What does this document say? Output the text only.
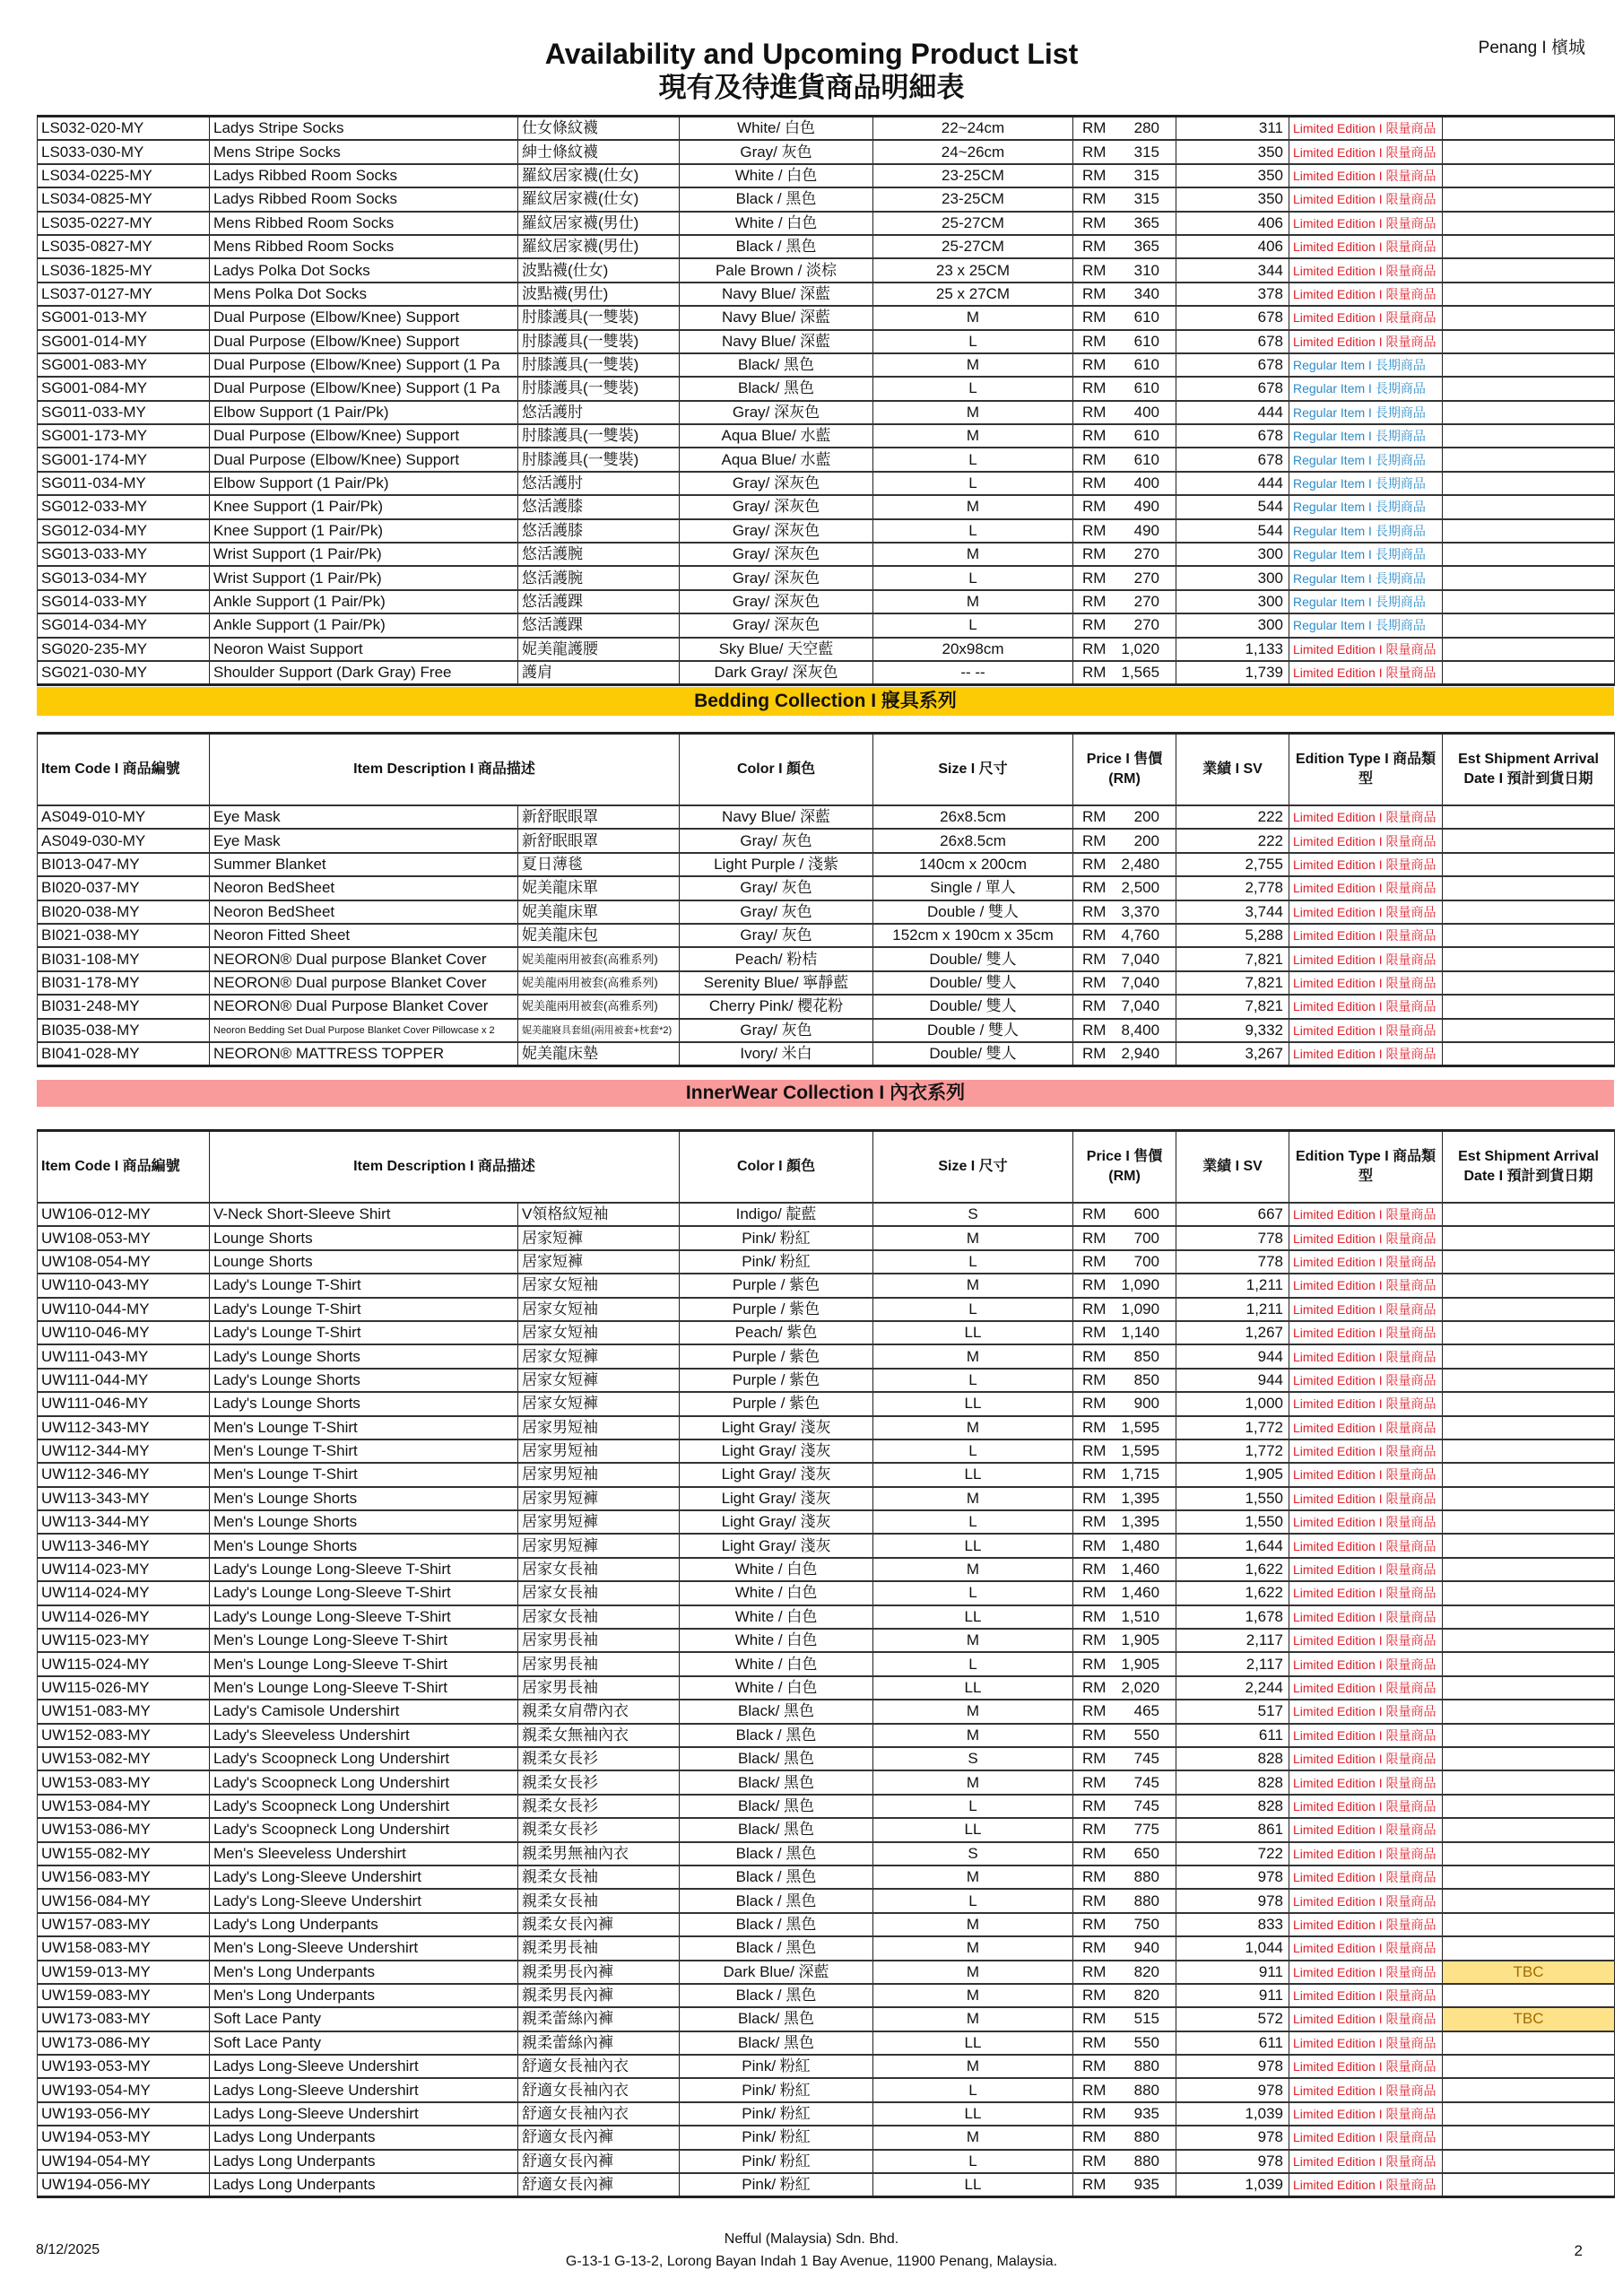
Availability and Upcoming Product List
現有及待進貨商品明細表
Penang I 檳城
LS032-020-MY	Ladys Stripe Socks	仕女條紋襪	White/ 白色	22~24cm	RM	280	311	Limited Edition I 限量商品	
LS033-030-MY	Mens Stripe Socks	紳士條紋襪	Gray/ 灰色	24~26cm	RM	315	350	Limited Edition I 限量商品	
LS034-0225-MY	Ladys Ribbed Room Socks	羅紋居家襪(仕女)	White / 白色	23-25CM	RM	315	350	Limited Edition I 限量商品	
LS034-0825-MY	Ladys Ribbed Room Socks	羅紋居家襪(仕女)	Black / 黑色	23-25CM	RM	315	350	Limited Edition I 限量商品	
LS035-0227-MY	Mens Ribbed Room Socks	羅紋居家襪(男仕)	White / 白色	25-27CM	RM	365	406	Limited Edition I 限量商品	
LS035-0827-MY	Mens Ribbed Room Socks	羅紋居家襪(男仕)	Black / 黑色	25-27CM	RM	365	406	Limited Edition I 限量商品	
LS036-1825-MY	Ladys Polka Dot Socks	波點襪(仕女)	Pale Brown / 淡棕	23 x 25CM	RM	310	344	Limited Edition I 限量商品	
LS037-0127-MY	Mens Polka Dot Socks	波點襪(男仕)	Navy Blue/ 深藍	25 x 27CM	RM	340	378	Limited Edition I 限量商品	
SG001-013-MY	Dual Purpose (Elbow/Knee) Support	肘膝護具(一雙裝)	Navy Blue/ 深藍	M	RM	610	678	Limited Edition I 限量商品	
SG001-014-MY	Dual Purpose (Elbow/Knee) Support	肘膝護具(一雙裝)	Navy Blue/ 深藍	L	RM	610	678	Limited Edition I 限量商品	
SG001-083-MY	Dual Purpose (Elbow/Knee) Support (1 Pa	肘膝護具(一雙裝)	Black/ 黑色	M	RM	610	678	Regular Item I 長期商品	
SG001-084-MY	Dual Purpose (Elbow/Knee) Support (1 Pa	肘膝護具(一雙裝)	Black/ 黑色	L	RM	610	678	Regular Item I 長期商品	
SG011-033-MY	Elbow Support (1 Pair/Pk)	悠活護肘	Gray/ 深灰色	M	RM	400	444	Regular Item I 長期商品	
SG001-173-MY	Dual Purpose (Elbow/Knee) Support	肘膝護具(一雙裝)	Aqua Blue/ 水藍	M	RM	610	678	Regular Item I 長期商品	
SG001-174-MY	Dual Purpose (Elbow/Knee) Support	肘膝護具(一雙裝)	Aqua Blue/ 水藍	L	RM	610	678	Regular Item I 長期商品	
SG011-034-MY	Elbow Support (1 Pair/Pk)	悠活護肘	Gray/ 深灰色	L	RM	400	444	Regular Item I 長期商品	
SG012-033-MY	Knee Support (1 Pair/Pk)	悠活護膝	Gray/ 深灰色	M	RM	490	544	Regular Item I 長期商品	
SG012-034-MY	Knee Support (1 Pair/Pk)	悠活護膝	Gray/ 深灰色	L	RM	490	544	Regular Item I 長期商品	
SG013-033-MY	Wrist Support (1 Pair/Pk)	悠活護腕	Gray/ 深灰色	M	RM	270	300	Regular Item I 長期商品	
SG013-034-MY	Wrist Support (1 Pair/Pk)	悠活護腕	Gray/ 深灰色	L	RM	270	300	Regular Item I 長期商品	
SG014-033-MY	Ankle Support (1 Pair/Pk)	悠活護踝	Gray/ 深灰色	M	RM	270	300	Regular Item I 長期商品	
SG014-034-MY	Ankle Support (1 Pair/Pk)	悠活護踝	Gray/ 深灰色	L	RM	270	300	Regular Item I 長期商品	
SG020-235-MY	Neoron Waist Support	妮美龍護腰	Sky Blue/ 天空藍	20x98cm	RM	1,020	1,133	Limited Edition I 限量商品	
SG021-030-MY	Shoulder Support (Dark Gray) Free	護肩	Dark Gray/ 深灰色	-- --	RM	1,565	1,739	Limited Edition I 限量商品	
Bedding Collection I 寢具系列
Item Code I 商品編號	Item Description I 商品描述		Color I 顏色	Size I 尺寸	Price I 售價 (RM)		業績 I SV	Edition Type I 商品類型	Est Shipment Arrival Date I 預計到貨日期
AS049-010-MY	Eye Mask	新舒眠眼罩	Navy Blue/ 深藍	26x8.5cm	RM	200	222	Limited Edition I 限量商品	
AS049-030-MY	Eye Mask	新舒眠眼罩	Gray/ 灰色	26x8.5cm	RM	200	222	Limited Edition I 限量商品	
BI013-047-MY	Summer Blanket	夏日薄毯	Light Purple / 淺紫	140cm x 200cm	RM	2,480	2,755	Limited Edition I 限量商品	
BI020-037-MY	Neoron BedSheet	妮美龍床單	Gray/ 灰色	Single / 單人	RM	2,500	2,778	Limited Edition I 限量商品	
BI020-038-MY	Neoron BedSheet	妮美龍床單	Gray/ 灰色	Double / 雙人	RM	3,370	3,744	Limited Edition I 限量商品	
BI021-038-MY	Neoron Fitted Sheet	妮美龍床包	Gray/ 灰色	152cm x 190cm x 35cm	RM	4,760	5,288	Limited Edition I 限量商品	
BI031-108-MY	NEORON® Dual purpose Blanket Cover	妮美龍兩用被套(高雅系列)	Peach/ 粉桔	Double/ 雙人	RM	7,040	7,821	Limited Edition I 限量商品	
BI031-178-MY	NEORON® Dual purpose Blanket Cover	妮美龍兩用被套(高雅系列)	Serenity Blue/ 寧靜藍	Double/ 雙人	RM	7,040	7,821	Limited Edition I 限量商品	
BI031-248-MY	NEORON® Dual Purpose Blanket Cover	妮美龍兩用被套(高雅系列)	Cherry Pink/ 櫻花粉	Double/ 雙人	RM	7,040	7,821	Limited Edition I 限量商品	
BI035-038-MY	Neoron Bedding Set Dual Purpose Blanket Cover Pillowcase x 2	妮美龍寢具套組(兩用被套+枕套*2)	Gray/ 灰色	Double / 雙人	RM	8,400	9,332	Limited Edition I 限量商品	
BI041-028-MY	NEORON® MATTRESS TOPPER	妮美龍床墊	Ivory/ 米白	Double/ 雙人	RM	2,940	3,267	Limited Edition I 限量商品	
InnerWear Collection I 內衣系列
Item Code I 商品編號	Item Description I 商品描述		Color I 顏色	Size I 尺寸	Price I 售價 (RM)		業績 I SV	Edition Type I 商品類型	Est Shipment Arrival Date I 預計到貨日期
UW106-012-MY	V-Neck Short-Sleeve Shirt	V領格紋短袖	Indigo/ 靛藍	S	RM	600	667	Limited Edition I 限量商品	
UW108-053-MY	Lounge Shorts	居家短褲	Pink/ 粉紅	M	RM	700	778	Limited Edition I 限量商品	
UW108-054-MY	Lounge Shorts	居家短褲	Pink/ 粉紅	L	RM	700	778	Limited Edition I 限量商品	
UW110-043-MY	Lady's Lounge T-Shirt	居家女短袖	Purple / 紫色	M	RM	1,090	1,211	Limited Edition I 限量商品	
UW110-044-MY	Lady's Lounge T-Shirt	居家女短袖	Purple / 紫色	L	RM	1,090	1,211	Limited Edition I 限量商品	
UW110-046-MY	Lady's Lounge T-Shirt	居家女短袖	Peach/ 紫色	LL	RM	1,140	1,267	Limited Edition I 限量商品	
UW111-043-MY	Lady's Lounge Shorts	居家女短褲	Purple / 紫色	M	RM	850	944	Limited Edition I 限量商品	
UW111-044-MY	Lady's Lounge Shorts	居家女短褲	Purple / 紫色	L	RM	850	944	Limited Edition I 限量商品	
UW111-046-MY	Lady's Lounge Shorts	居家女短褲	Purple / 紫色	LL	RM	900	1,000	Limited Edition I 限量商品	
UW112-343-MY	Men's Lounge T-Shirt	居家男短袖	Light Gray/ 淺灰	M	RM	1,595	1,772	Limited Edition I 限量商品	
UW112-344-MY	Men's Lounge T-Shirt	居家男短袖	Light Gray/ 淺灰	L	RM	1,595	1,772	Limited Edition I 限量商品	
UW112-346-MY	Men's Lounge T-Shirt	居家男短袖	Light Gray/ 淺灰	LL	RM	1,715	1,905	Limited Edition I 限量商品	
UW113-343-MY	Men's Lounge Shorts	居家男短褲	Light Gray/ 淺灰	M	RM	1,395	1,550	Limited Edition I 限量商品	
UW113-344-MY	Men's Lounge Shorts	居家男短褲	Light Gray/ 淺灰	L	RM	1,395	1,550	Limited Edition I 限量商品	
UW113-346-MY	Men's Lounge Shorts	居家男短褲	Light Gray/ 淺灰	LL	RM	1,480	1,644	Limited Edition I 限量商品	
UW114-023-MY	Lady's Lounge Long-Sleeve T-Shirt	居家女長袖	White / 白色	M	RM	1,460	1,622	Limited Edition I 限量商品	
UW114-024-MY	Lady's Lounge Long-Sleeve T-Shirt	居家女長袖	White / 白色	L	RM	1,460	1,622	Limited Edition I 限量商品	
UW114-026-MY	Lady's Lounge Long-Sleeve T-Shirt	居家女長袖	White / 白色	LL	RM	1,510	1,678	Limited Edition I 限量商品	
UW115-023-MY	Men's Lounge Long-Sleeve T-Shirt	居家男長袖	White / 白色	M	RM	1,905	2,117	Limited Edition I 限量商品	
UW115-024-MY	Men's Lounge Long-Sleeve T-Shirt	居家男長袖	White / 白色	L	RM	1,905	2,117	Limited Edition I 限量商品	
UW115-026-MY	Men's Lounge Long-Sleeve T-Shirt	居家男長袖	White / 白色	LL	RM	2,020	2,244	Limited Edition I 限量商品	
UW151-083-MY	Lady's Camisole Undershirt	親柔女肩帶內衣	Black/ 黑色	M	RM	465	517	Limited Edition I 限量商品	
UW152-083-MY	Lady's Sleeveless Undershirt	親柔女無袖內衣	Black / 黑色	M	RM	550	611	Limited Edition I 限量商品	
UW153-082-MY	Lady's Scoopneck Long Undershirt	親柔女長衫	Black/ 黑色	S	RM	745	828	Limited Edition I 限量商品	
UW153-083-MY	Lady's Scoopneck Long Undershirt	親柔女長衫	Black/ 黑色	M	RM	745	828	Limited Edition I 限量商品	
UW153-084-MY	Lady's Scoopneck Long Undershirt	親柔女長衫	Black/ 黑色	L	RM	745	828	Limited Edition I 限量商品	
UW153-086-MY	Lady's Scoopneck Long Undershirt	親柔女長衫	Black/ 黑色	LL	RM	775	861	Limited Edition I 限量商品	
UW155-082-MY	Men's Sleeveless Undershirt	親柔男無袖內衣	Black / 黑色	S	RM	650	722	Limited Edition I 限量商品	
UW156-083-MY	Lady's Long-Sleeve Undershirt	親柔女長袖	Black / 黑色	M	RM	880	978	Limited Edition I 限量商品	
UW156-084-MY	Lady's Long-Sleeve Undershirt	親柔女長袖	Black / 黑色	L	RM	880	978	Limited Edition I 限量商品	
UW157-083-MY	Lady's Long Underpants	親柔女長內褲	Black / 黑色	M	RM	750	833	Limited Edition I 限量商品	
UW158-083-MY	Men's Long-Sleeve Undershirt	親柔男長袖	Black / 黑色	M	RM	940	1,044	Limited Edition I 限量商品	
UW159-013-MY	Men's Long Underpants	親柔男長內褲	Dark Blue/ 深藍	M	RM	820	911	Limited Edition I 限量商品	TBC
UW159-083-MY	Men's Long Underpants	親柔男長內褲	Black / 黑色	M	RM	820	911	Limited Edition I 限量商品	
UW173-083-MY	Soft Lace Panty	親柔蕾絲內褲	Black/ 黑色	M	RM	515	572	Limited Edition I 限量商品	TBC
UW173-086-MY	Soft Lace Panty	親柔蕾絲內褲	Black/ 黑色	LL	RM	550	611	Limited Edition I 限量商品	
UW193-053-MY	Ladys Long-Sleeve Undershirt	舒適女長袖內衣	Pink/ 粉紅	M	RM	880	978	Limited Edition I 限量商品	
UW193-054-MY	Ladys Long-Sleeve Undershirt	舒適女長袖內衣	Pink/ 粉紅	L	RM	880	978	Limited Edition I 限量商品	
UW193-056-MY	Ladys Long-Sleeve Undershirt	舒適女長袖內衣	Pink/ 粉紅	LL	RM	935	1,039	Limited Edition I 限量商品	
UW194-053-MY	Ladys Long Underpants	舒適女長內褲	Pink/ 粉紅	M	RM	880	978	Limited Edition I 限量商品	
UW194-054-MY	Ladys Long Underpants	舒適女長內褲	Pink/ 粉紅	L	RM	880	978	Limited Edition I 限量商品	
UW194-056-MY	Ladys Long Underpants	舒適女長內褲	Pink/ 粉紅	LL	RM	935	1,039	Limited Edition I 限量商品	
8/12/2025
Nefful (Malaysia) Sdn. Bhd.
G-13-1 G-13-2, Lorong Bayan Indah 1 Bay Avenue, 11900 Penang, Malaysia.
2
